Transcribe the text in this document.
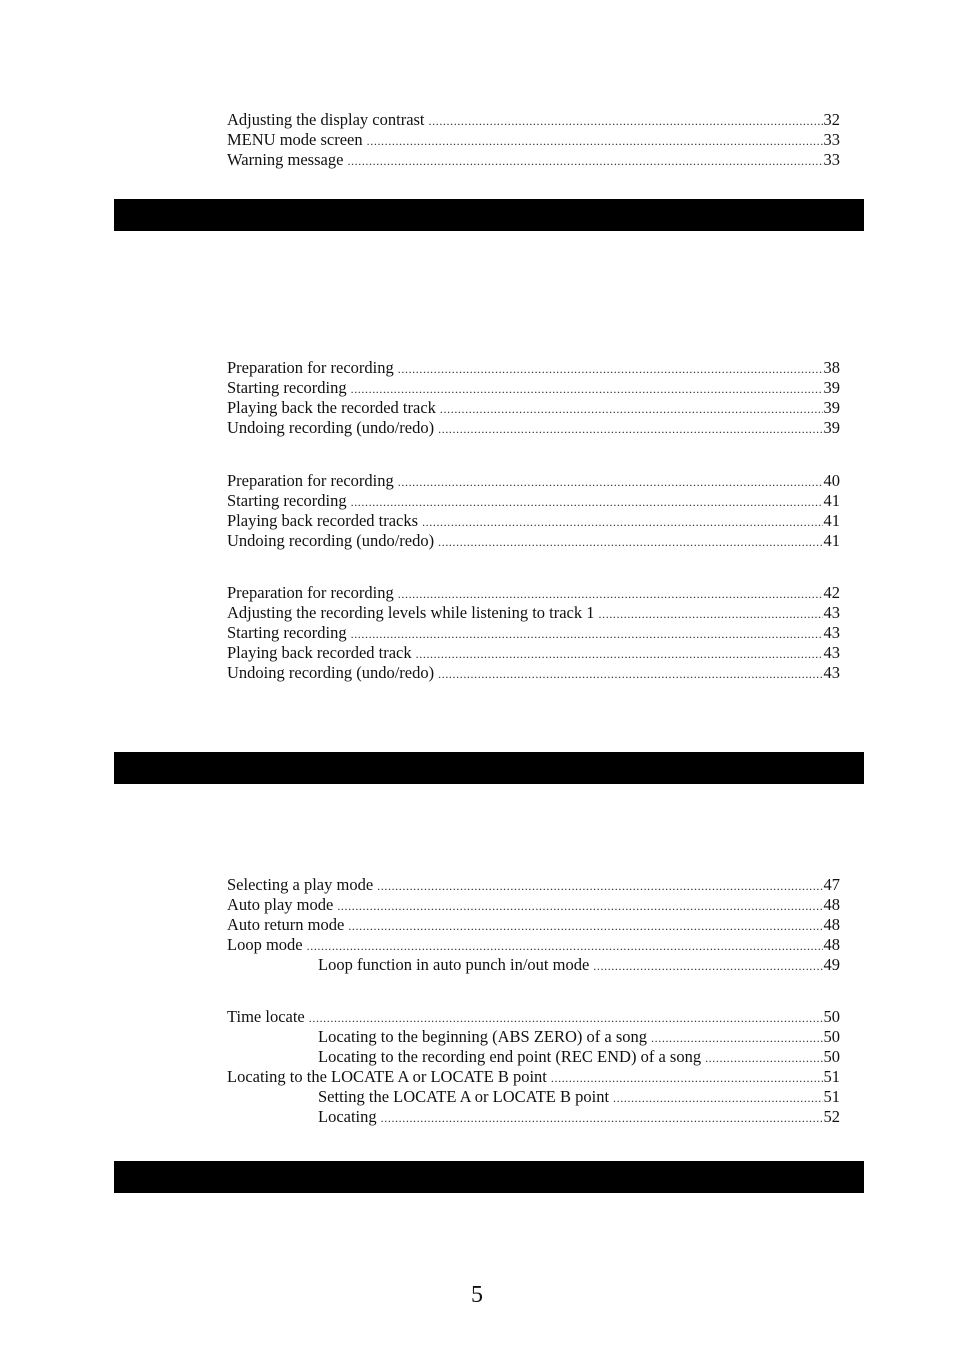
Adjusting the display contrast .....	32
MENU mode screen .....	33
Warning message .....	33
Preparation for recording .....	38
Starting recording .....	39
Playing back the recorded track .....	39
Undoing recording (undo/redo) .....	39
Preparation for recording .....	40
Starting recording .....	41
Playing back recorded tracks .....	41
Undoing recording (undo/redo) .....	41
Preparation for recording .....	42
Adjusting the recording levels while listening to track 1 .....	43
Starting recording .....	43
Playing back recorded track .....	43
Undoing recording (undo/redo) .....	43
Selecting a play mode .....	47
Auto play mode .....	48
Auto return mode .....	48
Loop mode .....	48
Loop function in auto punch in/out mode .....	49
Time locate .....	50
Locating to the beginning (ABS ZERO) of a song .....	50
Locating to the recording end point (REC END) of a song .....	50
Locating to the LOCATE A or LOCATE B point .....	51
Setting the LOCATE A or LOCATE B point .....	51
Locating .....	52
5
